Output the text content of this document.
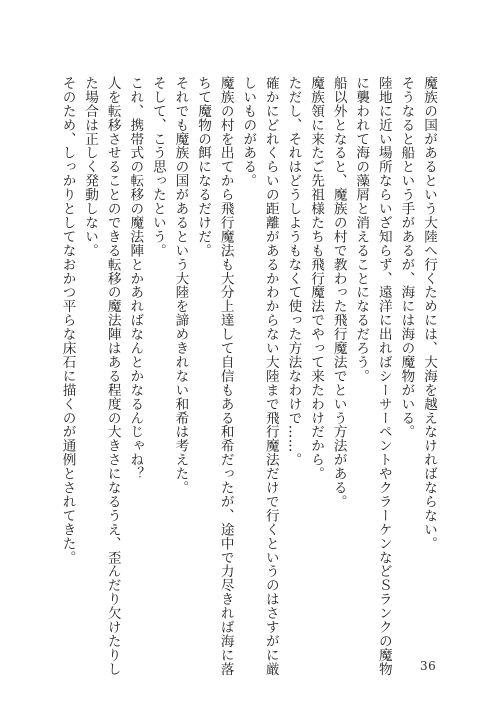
魔族の国があるという大陸へ行くためには、大海を越えなければならない。
そうなると船という手があるが、海には海の魔物がいる。
陸地に近い場所ならいざ知らず、遠洋に出ればシーサーペントやクラーケンなどＳランクの魔物
に襲われて海の藻屑と消えることになるだろう。
船以外となると、魔族の村で教わった飛行魔法でという方法がある。
魔族領に来たご先祖様たちも飛行魔法でやって来たわけだから。
ただし、それはどうしようもなくて使った方法なわけで……。
確かにどれくらいの距離があるかわからない大陸まで飛行魔法だけで行くというのはさすがに厳
しいものがある。
魔族の村を出てから飛行魔法も大分上達して自信もある和希だったが、途中で力尽きれば海に落
ちて魔物の餌になるだけだ。
それでも魔族の国があるという大陸を諦めきれない和希は考えた。
そして、こう思ったという。
これ、携帯式の転移の魔法陣とかあればなんとかなるんじゃね？
人を転移させることのできる転移の魔法陣はある程度の大きさになるうえ、歪んだり欠けたりし
た場合は正しく発動しない。
そのため、しっかりとしてなおかつ平らな床石に描くのが通例とされてきた。
36
